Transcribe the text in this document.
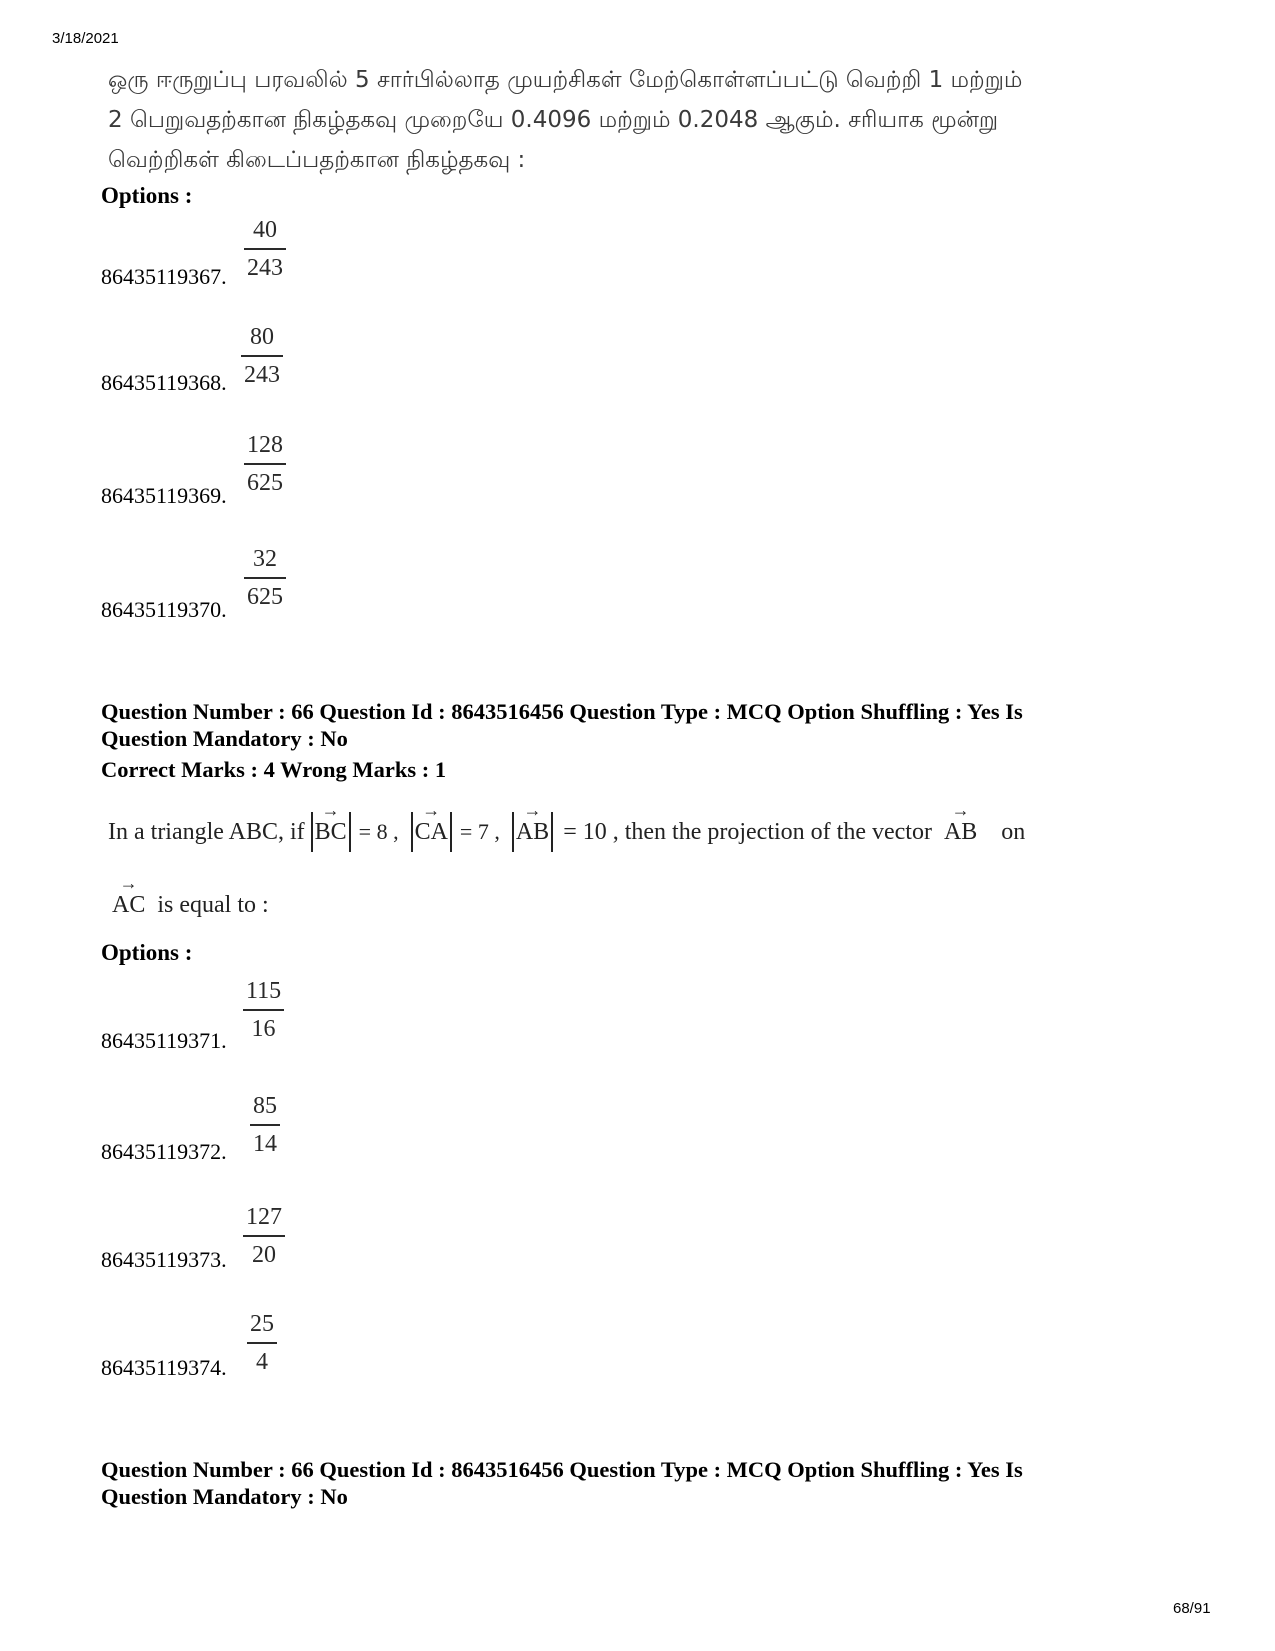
3/18/2021
68/91
ஒரு ஈருறுப்பு பரவலில் 5 சார்பில்லாத முயற்சிகள் மேற்கொள்ளப்பட்டு வெற்றி 1 மற்றும்
2 பெறுவதற்கான நிகழ்தகவு முறையே 0.4096 மற்றும் 0.2048 ஆகும். சரியாக மூன்று
வெற்றிகள் கிடைப்பதற்கான நிகழ்தகவு :
Options :
86435119367.
40
243
86435119368.
80
243
86435119369.
128
625
86435119370.
32
625
Question Number : 66 Question Id : 8643516456 Question Type : MCQ Option Shuffling : Yes Is
Question Mandatory : No
Correct Marks : 4 Wrong Marks : 1
In a triangle ABC, if
→
BC = 8 ,
→
CA = 7 ,
→
AB = 10 , then the projection of the vector
→
AB on
→
AC is equal to :
Options :
86435119371.
115
16
86435119372.
85
14
86435119373.
127
20
86435119374.
25
4
Question Number : 66 Question Id : 8643516456 Question Type : MCQ Option Shuffling : Yes Is
Question Mandatory : No
